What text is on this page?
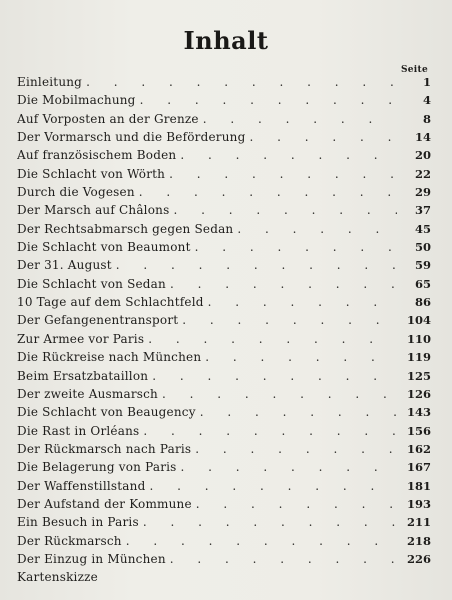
Inhalt
Seite
Einleitung . . .	1
Die Mobilmachung . . .	4
Auf Vorposten an der Grenze . . .	8
Der Vormarsch und die Beförderung . . .	14
Auf französischem Boden . . .	20
Die Schlacht von Wörth . . .	22
Durch die Vogesen . . .	29
Der Marsch auf Châlons . . .	37
Der Rechtsabmarsch gegen Sedan . . .	45
Die Schlacht von Beaumont . . .	50
Der 31. August . . .	59
Die Schlacht von Sedan . . .	65
10 Tage auf dem Schlachtfeld . . .	86
Der Gefangenentransport . . .	104
Zur Armee vor Paris . . .	110
Die Rückreise nach München . . .	119
Beim Ersatzbataillon . . .	125
Der zweite Ausmarsch . . .	126
Die Schlacht von Beaugency . . .	143
Die Rast in Orléans . . .	156
Der Rückmarsch nach Paris . . .	162
Die Belagerung von Paris . . .	167
Der Waffenstillstand . . .	181
Der Aufstand der Kommune . . .	193
Ein Besuch in Paris . . .	211
Der Rückmarsch . . .	218
Der Einzug in München . . .	226
Kartenskizze
